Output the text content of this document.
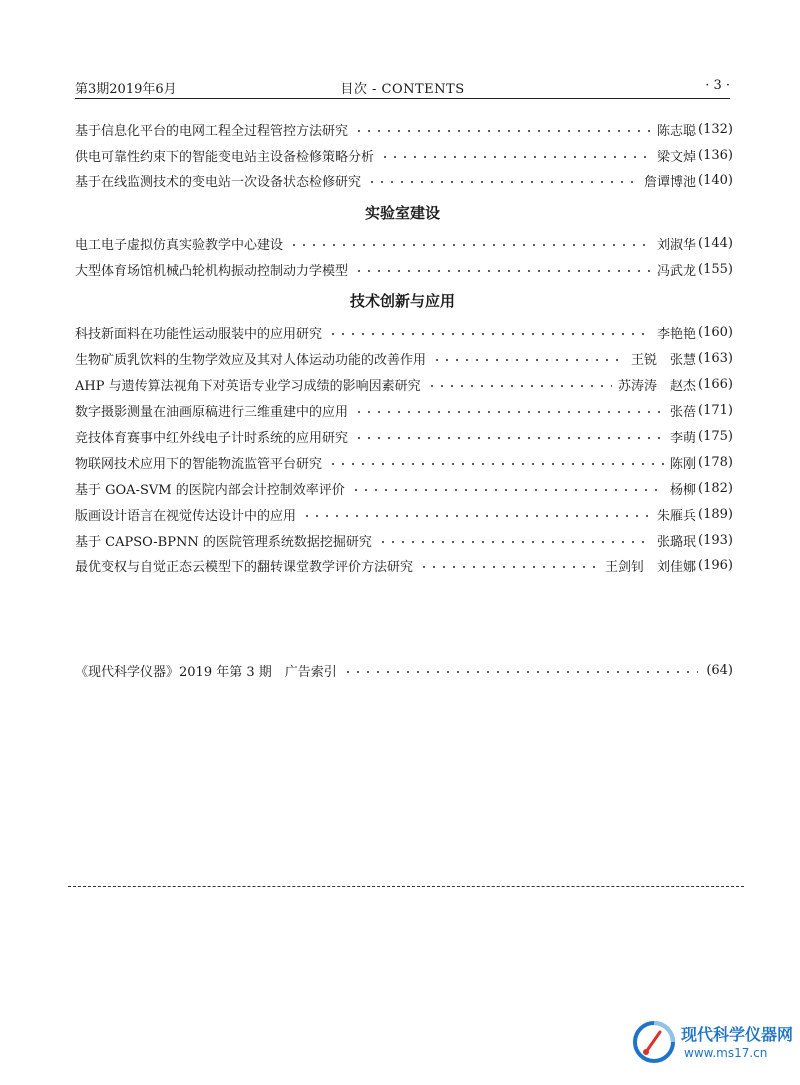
第3期2019年6月	目次 - CONTENTS	· 3 ·
基于信息化平台的电网工程全过程管控方法研究	陈志聪 (132)
供电可靠性约束下的智能变电站主设备检修策略分析	梁文焯 (136)
基于在线监测技术的变电站一次设备状态检修研究	詹谭博池 (140)
实验室建设
电工电子虚拟仿真实验教学中心建设	刘淑华 (144)
大型体育场馆机械凸轮机构振动控制动力学模型	冯武龙 (155)
技术创新与应用
科技新面料在功能性运动服装中的应用研究	李艳艳 (160)
生物矿质乳饮料的生物学效应及其对人体运动功能的改善作用	王锐　张慧 (163)
AHP 与遗传算法视角下对英语专业学习成绩的影响因素研究	苏涛涛　赵杰 (166)
数字摄影测量在油画原稿进行三维重建中的应用	张蓓 (171)
竞技体育赛事中红外线电子计时系统的应用研究	李萌 (175)
物联网技术应用下的智能物流监管平台研究	陈刚 (178)
基于 GOA-SVM 的医院内部会计控制效率评价	杨柳 (182)
版画设计语言在视觉传达设计中的应用	朱雁兵 (189)
基于 CAPSO-BPNN 的医院管理系统数据挖掘研究	张璐珉 (193)
最优变权与自觉正态云模型下的翻转课堂教学评价方法研究	王剑钊　刘佳娜 (196)
《现代科学仪器》2019 年第 3 期　广告索引	(64)
现代科学仪器网
www.ms17.cn
